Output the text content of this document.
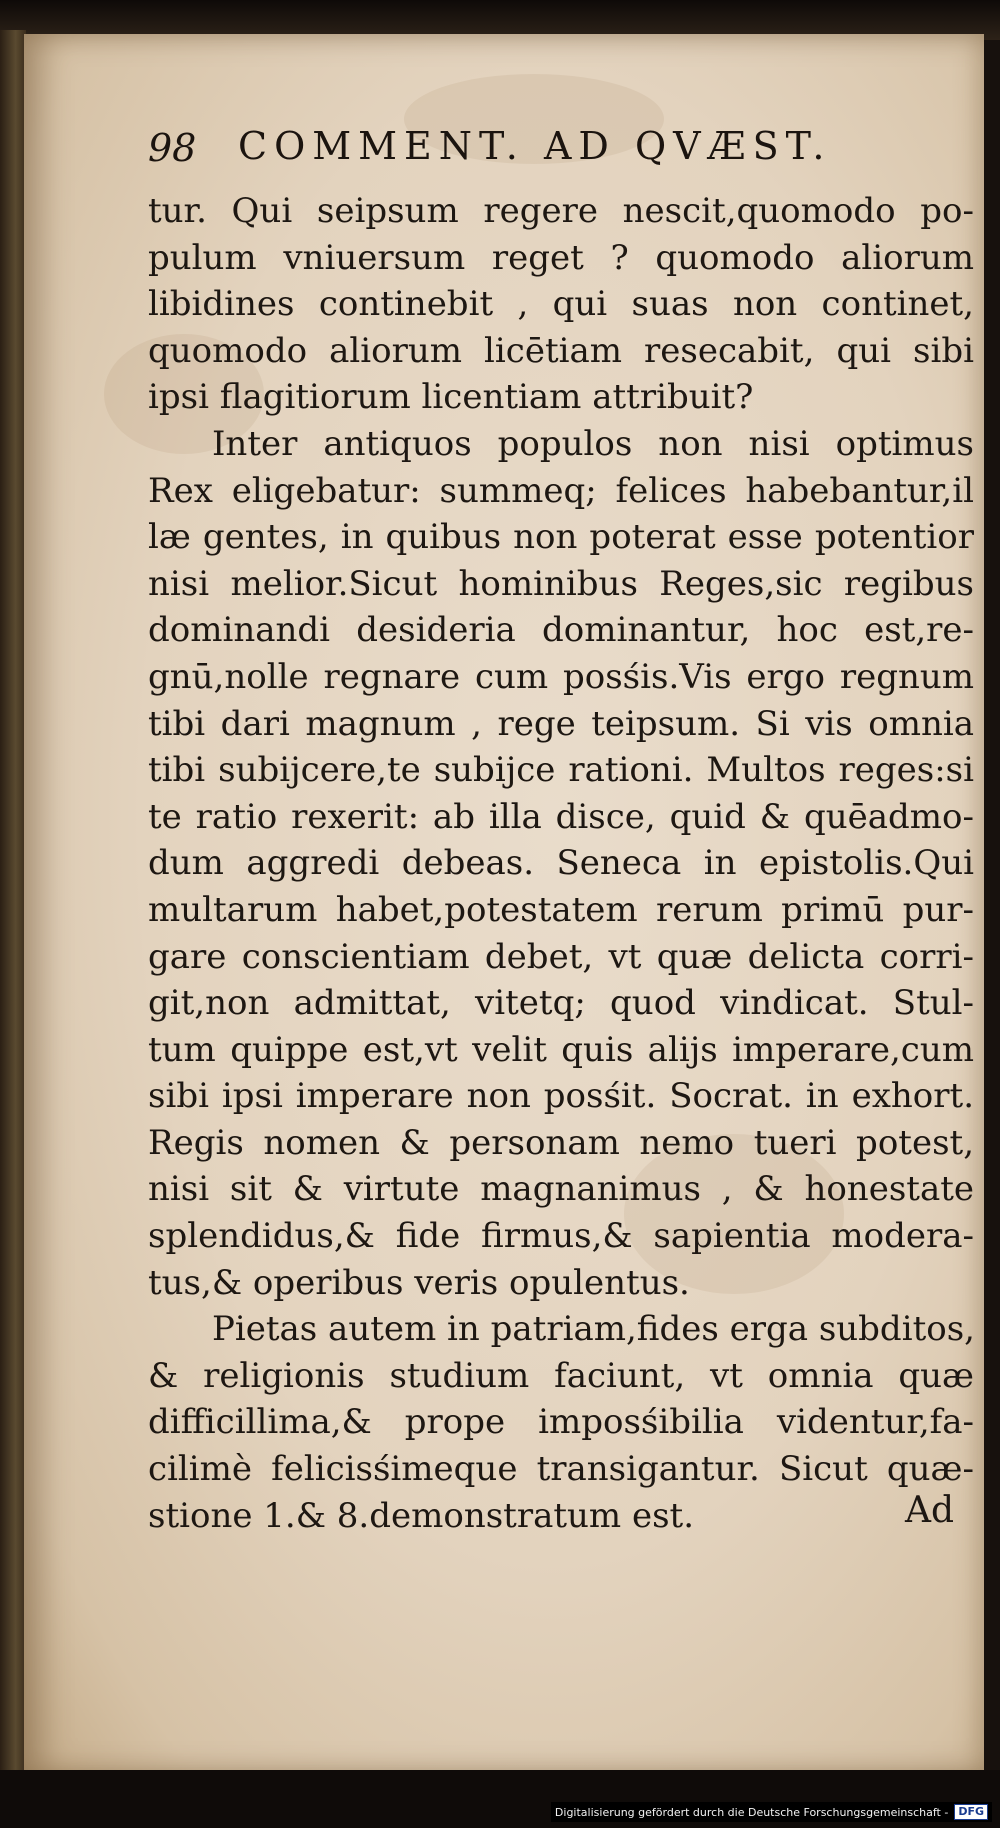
98 COMMENT. AD QVÆST.
tur. Qui seipsum regere nescit,quomodo po-
pulum vniuersum reget ? quomodo aliorum
libidines continebit , qui suas non continet,
quomodo aliorum licētiam resecabit, qui sibi
ipsi flagitiorum licentiam attribuit?
Inter antiquos populos non nisi optimus
Rex eligebatur: summeq; felices habebantur,il
læ gentes, in quibus non poterat esse potentior
nisi melior.Sicut hominibus Reges,sic regibus
dominandi desideria dominantur, hoc est,re-
gnū,nolle regnare cum posśis.Vis ergo regnum
tibi dari magnum , rege teipsum. Si vis omnia
tibi subijcere,te subijce rationi. Multos reges:si
te ratio rexerit: ab illa disce, quid & quēadmo-
dum aggredi debeas. Seneca in epistolis.Qui
multarum habet,potestatem rerum primū pur-
gare conscientiam debet, vt quæ delicta corri-
git,non admittat, vitetq; quod vindicat. Stul-
tum quippe est,vt velit quis alijs imperare,cum
sibi ipsi imperare non posśit. Socrat. in exhort.
Regis nomen & personam nemo tueri potest,
nisi sit & virtute magnanimus , & honestate
splendidus,& fide firmus,& sapientia modera-
tus,& operibus veris opulentus.
Pietas autem in patriam,fides erga subditos,
& religionis studium faciunt, vt omnia quæ
difficillima,& prope imposśibilia videntur,fa-
cilimè felicisśimeque transigantur. Sicut quæ-
stione 1.& 8.demonstratum est.	Ad
Digitalisierung gefördert durch die Deutsche Forschungsgemeinschaft - DFG
